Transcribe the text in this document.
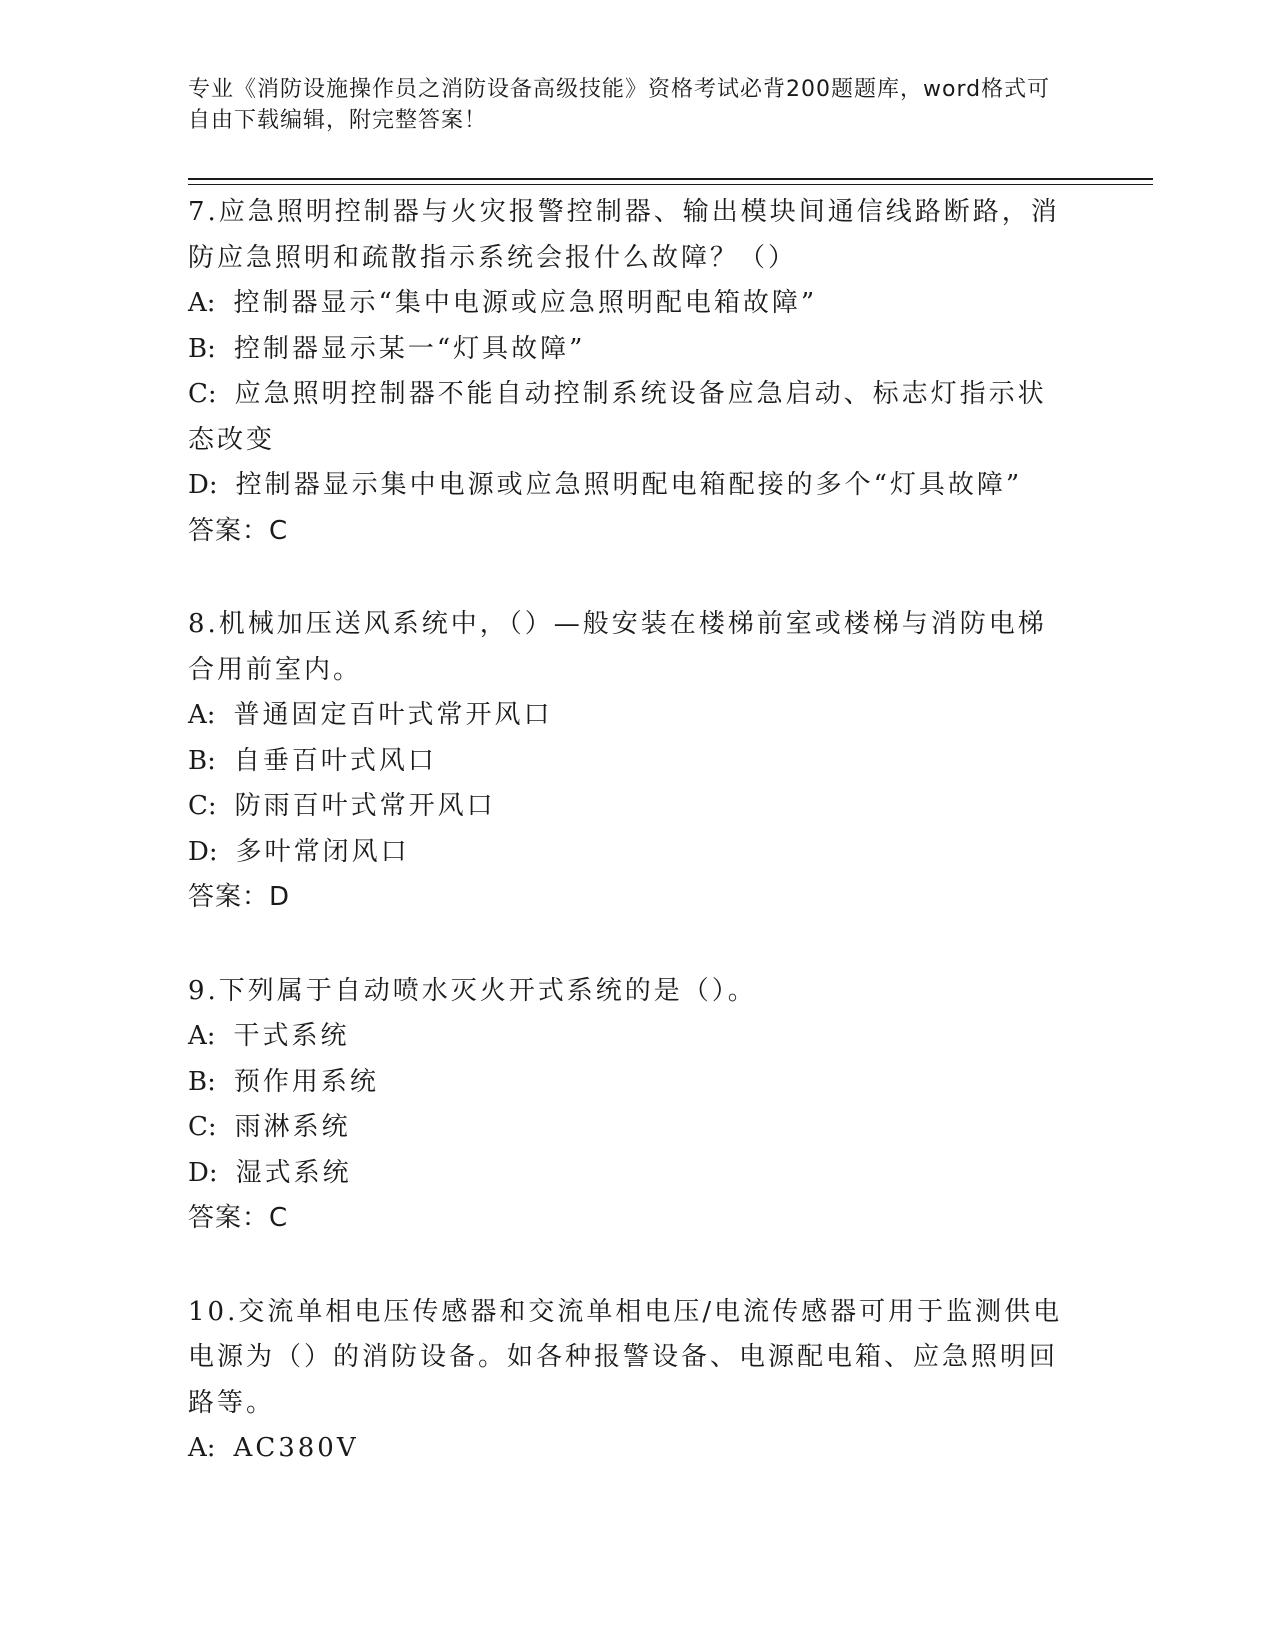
专业《消防设施操作员之消防设备高级技能》资格考试必背200题题库，word格式可自由下载编辑，附完整答案！
7.应急照明控制器与火灾报警控制器、输出模块间通信线路断路，消防应急照明和疏散指示系统会报什么故障？（）
A: 控制器显示“集中电源或应急照明配电箱故障”
B: 控制器显示某一“灯具故障”
C: 应急照明控制器不能自动控制系统设备应急启动、标志灯指示状态改变
D: 控制器显示集中电源或应急照明配电箱配接的多个“灯具故障”
答案：C
8.机械加压送风系统中，（）—般安装在楼梯前室或楼梯与消防电梯合用前室内。
A: 普通固定百叶式常开风口
B: 自垂百叶式风口
C: 防雨百叶式常开风口
D: 多叶常闭风口
答案：D
9.下列属于自动喷水灭火开式系统的是（）。
A: 干式系统
B: 预作用系统
C: 雨淋系统
D: 湿式系统
答案：C
10.交流单相电压传感器和交流单相电压/电流传感器可用于监测供电电源为（）的消防设备。如各种报警设备、电源配电箱、应急照明回路等。
A: AC380V
